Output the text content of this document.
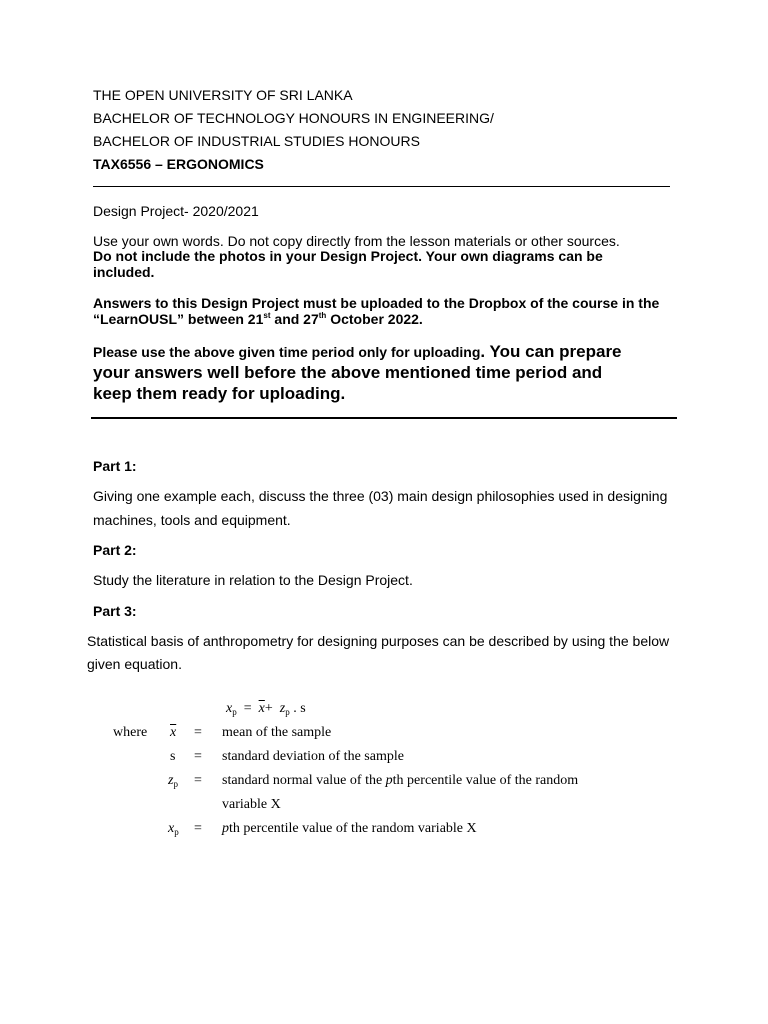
THE OPEN UNIVERSITY OF SRI LANKA
BACHELOR OF TECHNOLOGY HONOURS IN ENGINEERING/
BACHELOR OF INDUSTRIAL STUDIES HONOURS
TAX6556 – ERGONOMICS
Design Project- 2020/2021
Use your own words. Do not copy directly from the lesson materials or other sources.
Do not include the photos in your Design Project. Your own diagrams can be included.
Answers to this Design Project must be uploaded to the Dropbox of the course in the
“LearnOUSL” between 21st and 27th October 2022.
Please use the above given time period only for uploading. You can prepare
your answers well before the above mentioned time period and
keep them ready for uploading.
Part 1:
Giving one example each, discuss the three (03) main design philosophies used in designing
machines, tools and equipment.
Part 2:
Study the literature in relation to the Design Project.
Part 3:
Statistical basis of anthropometry for designing purposes can be described by using the below
given equation.
$x_p = \overline{x}+ z_p$ . s
where $\overline{x}$ = mean of the sample
s = standard deviation of the sample
$z_p$ = standard normal value of the pth percentile value of the random
variable X
$x_p$ = pth percentile value of the random variable X
